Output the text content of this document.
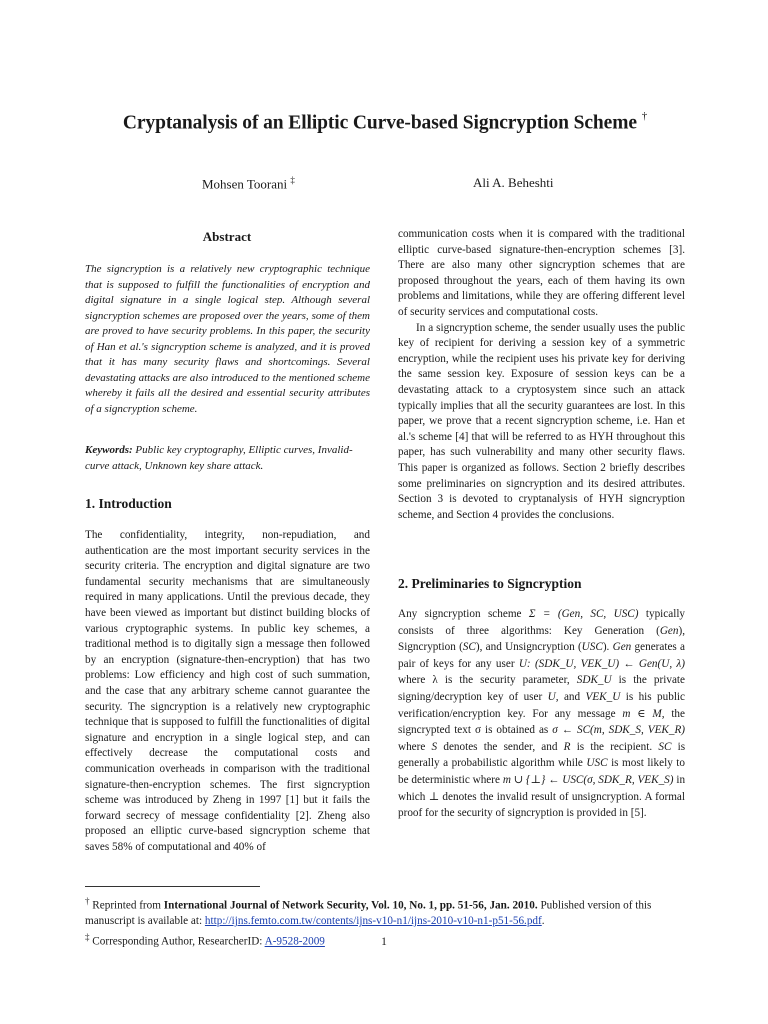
Cryptanalysis of an Elliptic Curve-based Signcryption Scheme †
Mohsen Toorani ‡	Ali A. Beheshti
Abstract
The signcryption is a relatively new cryptographic technique that is supposed to fulfill the functionalities of encryption and digital signature in a single logical step. Although several signcryption schemes are proposed over the years, some of them are proved to have security problems. In this paper, the security of Han et al.'s signcryption scheme is analyzed, and it is proved that it has many security flaws and shortcomings. Several devastating attacks are also introduced to the mentioned scheme whereby it fails all the desired and essential security attributes of a signcryption scheme.
Keywords: Public key cryptography, Elliptic curves, Invalid-curve attack, Unknown key share attack.
1. Introduction
The confidentiality, integrity, non-repudiation, and authentication are the most important security services in the security criteria. The encryption and digital signature are two fundamental security mechanisms that are simultaneously required in many applications. Until the previous decade, they have been viewed as important but distinct building blocks of various cryptographic systems. In public key schemes, a traditional method is to digitally sign a message then followed by an encryption (signature-then-encryption) that has two problems: Low efficiency and high cost of such summation, and the case that any arbitrary scheme cannot guarantee the security. The signcryption is a relatively new cryptographic technique that is supposed to fulfill the functionalities of digital signature and encryption in a single logical step, and can effectively decrease the computational costs and communication overheads in comparison with the traditional signature-then-encryption schemes. The first signcryption scheme was introduced by Zheng in 1997 [1] but it fails the forward secrecy of message confidentiality [2]. Zheng also proposed an elliptic curve-based signcryption scheme that saves 58% of computational and 40% of

communication costs when it is compared with the traditional elliptic curve-based signature-then-encryption schemes [3]. There are also many other signcryption schemes that are proposed throughout the years, each of them having its own problems and limitations, while they are offering different level of security services and computational costs.

In a signcryption scheme, the sender usually uses the public key of recipient for deriving a session key of a symmetric encryption, while the recipient uses his private key for deriving the same session key. Exposure of session keys can be a devastating attack to a cryptosystem since such an attack typically implies that all the security guarantees are lost. In this paper, we prove that a recent signcryption scheme, i.e. Han et al.'s scheme [4] that will be referred to as HYH throughout this paper, has such vulnerability and many other security flaws. This paper is organized as follows. Section 2 briefly describes some preliminaries on signcryption and its desired attributes. Section 3 is devoted to cryptanalysis of HYH signcryption scheme, and Section 4 provides the conclusions.

2. Preliminaries to Signcryption
Any signcryption scheme Σ = (Gen, SC, USC) typically consists of three algorithms: Key Generation (Gen), Signcryption (SC), and Unsigncryption (USC). Gen generates a pair of keys for any user U: (SDK_U, VEK_U) ← Gen(U, λ) where λ is the security parameter, SDK_U is the private signing/decryption key of user U, and VEK_U is his public verification/encryption key. For any message m ∈ M, the signcrypted text σ is obtained as σ ← SC(m, SDK_S, VEK_R) where S denotes the sender, and R is the recipient. SC is generally a probabilistic algorithm while USC is most likely to be deterministic where m ∪ {⊥} ← USC(σ, SDK_R, VEK_S) in which ⊥ denotes the invalid result of unsigncryption. A formal proof for the security of signcryption is provided in [5].
† Reprinted from International Journal of Network Security, Vol. 10, No. 1, pp. 51-56, Jan. 2010. Published version of this manuscript is available at: http://ijns.femto.com.tw/contents/ijns-v10-n1/ijns-2010-v10-n1-p51-56.pdf.
‡ Corresponding Author, ResearcherID: A-9528-2009	1
